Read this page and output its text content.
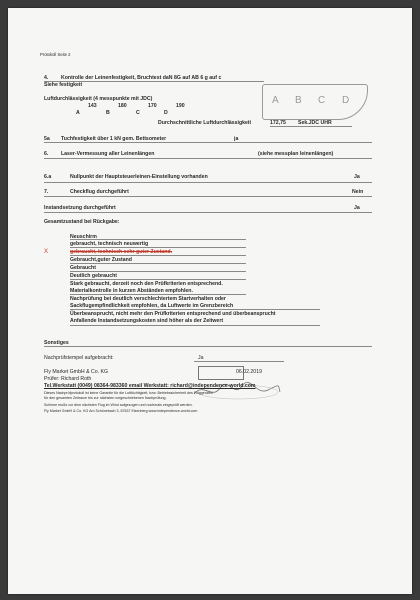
Protokoll Seite 2
4. Kontrolle der Leinenfestigkeit, Bruchtest daN 8G auf AB 6 g auf c
Siehe festigkeit
Luftdurchlässigkeit (4 messpunkte mit JDC)
143	180	170	190
A	B	C	D
A B C D
Durchschnittliche Luftdurchlässigkeit	172,75 Sek.JDC UHR
5a Tuchfestigkeit über 1 kN gem. Bettsometer	ja
6. Laser-Vermessung aller Leinenlängen	(siehe messplan leinenlängen)
6.a	Nullpunkt der Hauptsteuerleinen-Einstellung vorhanden	Ja
7.	Checkflug durchgeführt	Nein
Instandsetzung durchgeführt	Ja
Gesamtzustand bei Rückgabe:
X
Neuschirm
gebraucht, technisch neuwertig
gebraucht, technisch sehr guter Zustand.
Gebraucht,guter Zustand
Gebraucht
Deutlich gebraucht
Stark gebraucht, derzeit noch den Prüfkriterien entsprechend.
Materialkontrolle in kurzen Abständen empfohlen.
Nachprüfung bei deutlich verschlechtertem Startverhalten oder
Sackflugempfindlichkeit empfohlen, da Luftwerte im Grenzbereich
Überbeansprucht, nicht mehr den Prüfkriterien entsprechend und überbeansprucht
Anfallende Instandsetzungskosten sind höher als der Zeitwert
Sonstiges
Nachprüfstempel aufgebracht:	Ja
Fly Market GmbH & Co. KG
Prüfer: Richard Roth
06.02.2019
Tel.Werkstatt (0049) 08364-983360 email Werkstatt: richard@independence-world.com
Dieses Nachprüfprotokoll ist keine Garantie für die Lufttüchtigkeit, bzw. Betriebssicherheit des Fluggerätes
für den gesamten Zeitraum bis zur nächsten vorgeschriebenen Nachprüfung.
Schirme mußs vor dem nächsten Flug im Wind aufgezogen und nochmals eingeprüft werden.
Fly Market GmbH & Co. KG Am Schönebach 3, 87637 Eisenberg www.independence-world.com
